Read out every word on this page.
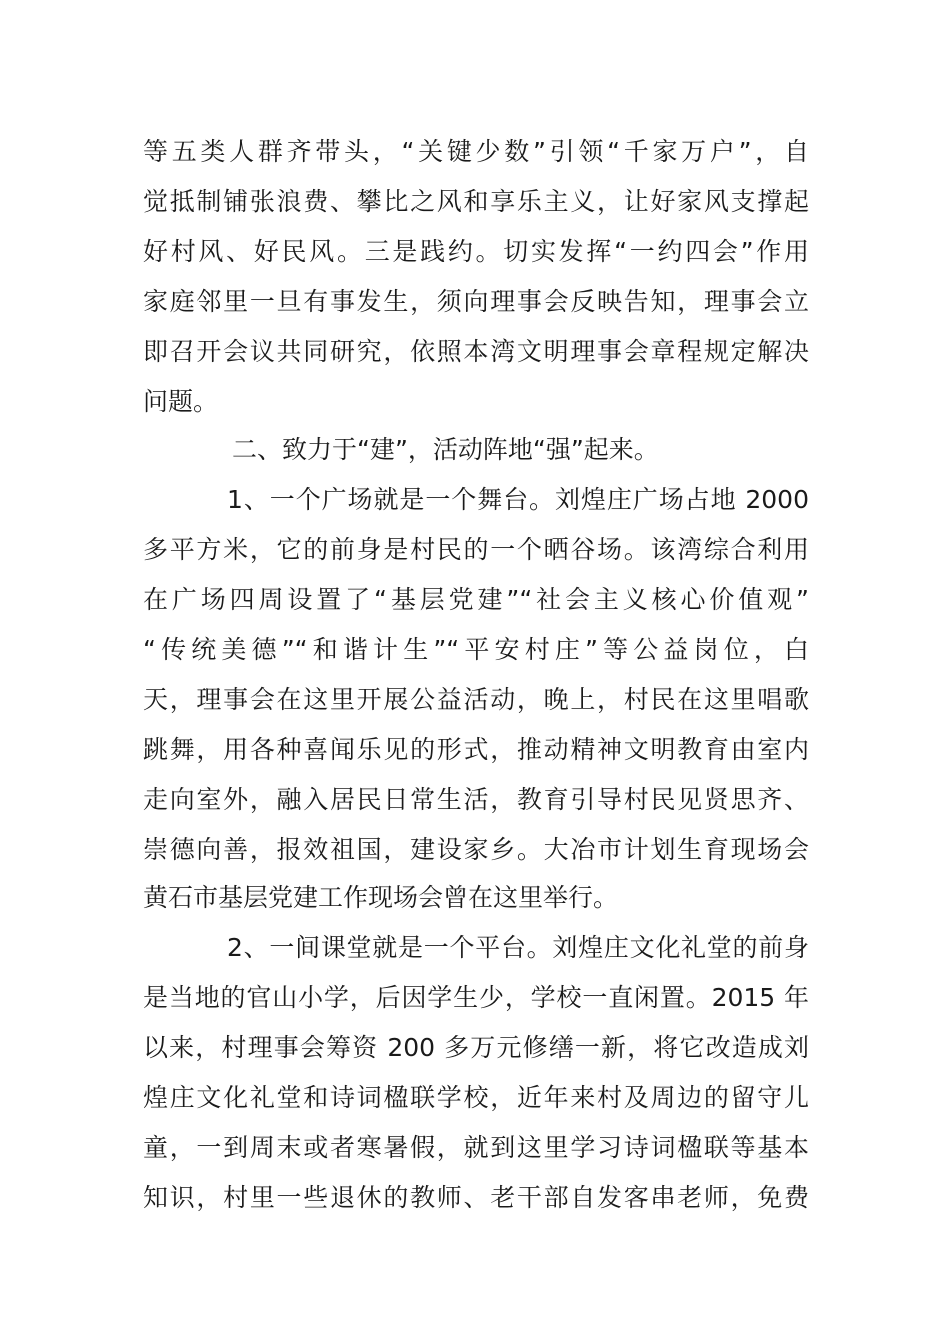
等五类人群齐带头，“关键少数”引领“千家万户”，自

觉抵制铺张浪费、攀比之风和享乐主义，让好家风支撑起

好村风、好民风。三是践约。切实发挥“一约四会”作用

家庭邻里一旦有事发生，须向理事会反映告知，理事会立

即召开会议共同研究，依照本湾文明理事会章程规定解决

问题。

二、致力于“建”，活动阵地“强”起来。

1、一个广场就是一个舞台。刘煌庄广场占地 2000

多平方米，它的前身是村民的一个晒谷场。该湾综合利用

在广场四周设置了“基层党建”“社会主义核心价值观”

“传统美德”“和谐计生”“平安村庄”等公益岗位，白

天，理事会在这里开展公益活动，晚上，村民在这里唱歌

跳舞，用各种喜闻乐见的形式，推动精神文明教育由室内

走向室外，融入居民日常生活，教育引导村民见贤思齐、

崇德向善，报效祖国，建设家乡。大冶市计划生育现场会

黄石市基层党建工作现场会曾在这里举行。

2、一间课堂就是一个平台。刘煌庄文化礼堂的前身

是当地的官山小学，后因学生少，学校一直闲置。2015 年

以来，村理事会筹资 200 多万元修缮一新，将它改造成刘

煌庄文化礼堂和诗词楹联学校，近年来村及周边的留守儿

童，一到周末或者寒暑假，就到这里学习诗词楹联等基本

知识，村里一些退休的教师、老干部自发客串老师，免费
